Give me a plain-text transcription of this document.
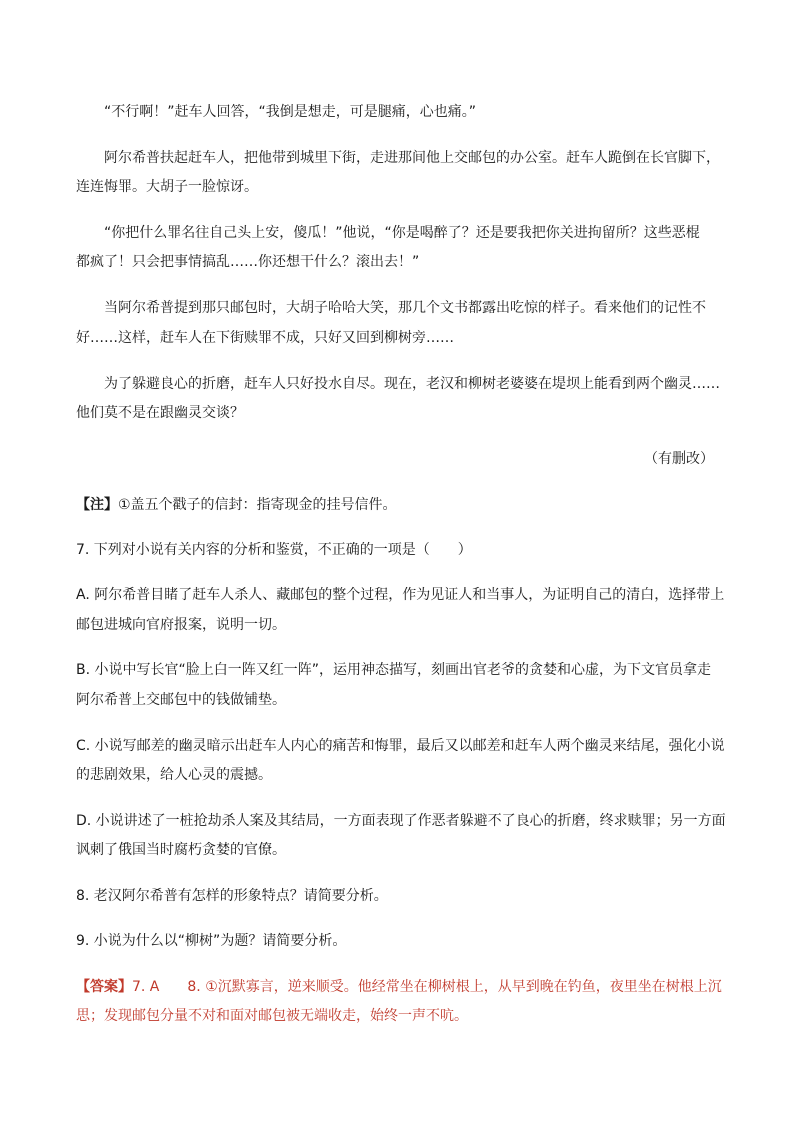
“不行啊！”赶车人回答，“我倒是想走，可是腿痛，心也痛。”
阿尔希普扶起赶车人，把他带到城里下街，走进那间他上交邮包的办公室。赶车人跪倒在长官脚下，
连连悔罪。大胡子一脸惊讶。
“你把什么罪名往自己头上安，傻瓜！”他说，“你是喝醉了？还是要我把你关进拘留所？这些恶棍
都疯了！只会把事情搞乱……你还想干什么？滚出去！”
当阿尔希普提到那只邮包时，大胡子哈哈大笑，那几个文书都露出吃惊的样子。看来他们的记性不
好……这样，赶车人在下街赎罪不成，只好又回到柳树旁……
为了躲避良心的折磨，赶车人只好投水自尽。现在，老汉和柳树老婆婆在堤坝上能看到两个幽灵……
他们莫不是在跟幽灵交谈？
（有删改）
【注】①盖五个戳子的信封：指寄现金的挂号信件。
7. 下列对小说有关内容的分析和鉴赏，不正确的一项是（　　）
A. 阿尔希普目睹了赶车人杀人、藏邮包的整个过程，作为见证人和当事人，为证明自己的清白，选择带上
邮包进城向官府报案，说明一切。
B. 小说中写长官“脸上白一阵又红一阵”，运用神态描写，刻画出官老爷的贪婪和心虚，为下文官员拿走
阿尔希普上交邮包中的钱做铺垫。
C. 小说写邮差的幽灵暗示出赶车人内心的痛苦和悔罪，最后又以邮差和赶车人两个幽灵来结尾，强化小说
的悲剧效果，给人心灵的震撼。
D. 小说讲述了一桩抢劫杀人案及其结局，一方面表现了作恶者躲避不了良心的折磨，终求赎罪；另一方面
讽刺了俄国当时腐朽贪婪的官僚。
8. 老汉阿尔希普有怎样的形象特点？请简要分析。
9. 小说为什么以“柳树”为题？请简要分析。
【答案】7. A　　8. ①沉默寡言，逆来顺受。他经常坐在柳树根上，从早到晚在钓鱼，夜里坐在树根上沉
思；发现邮包分量不对和面对邮包被无端收走，始终一声不吭。
